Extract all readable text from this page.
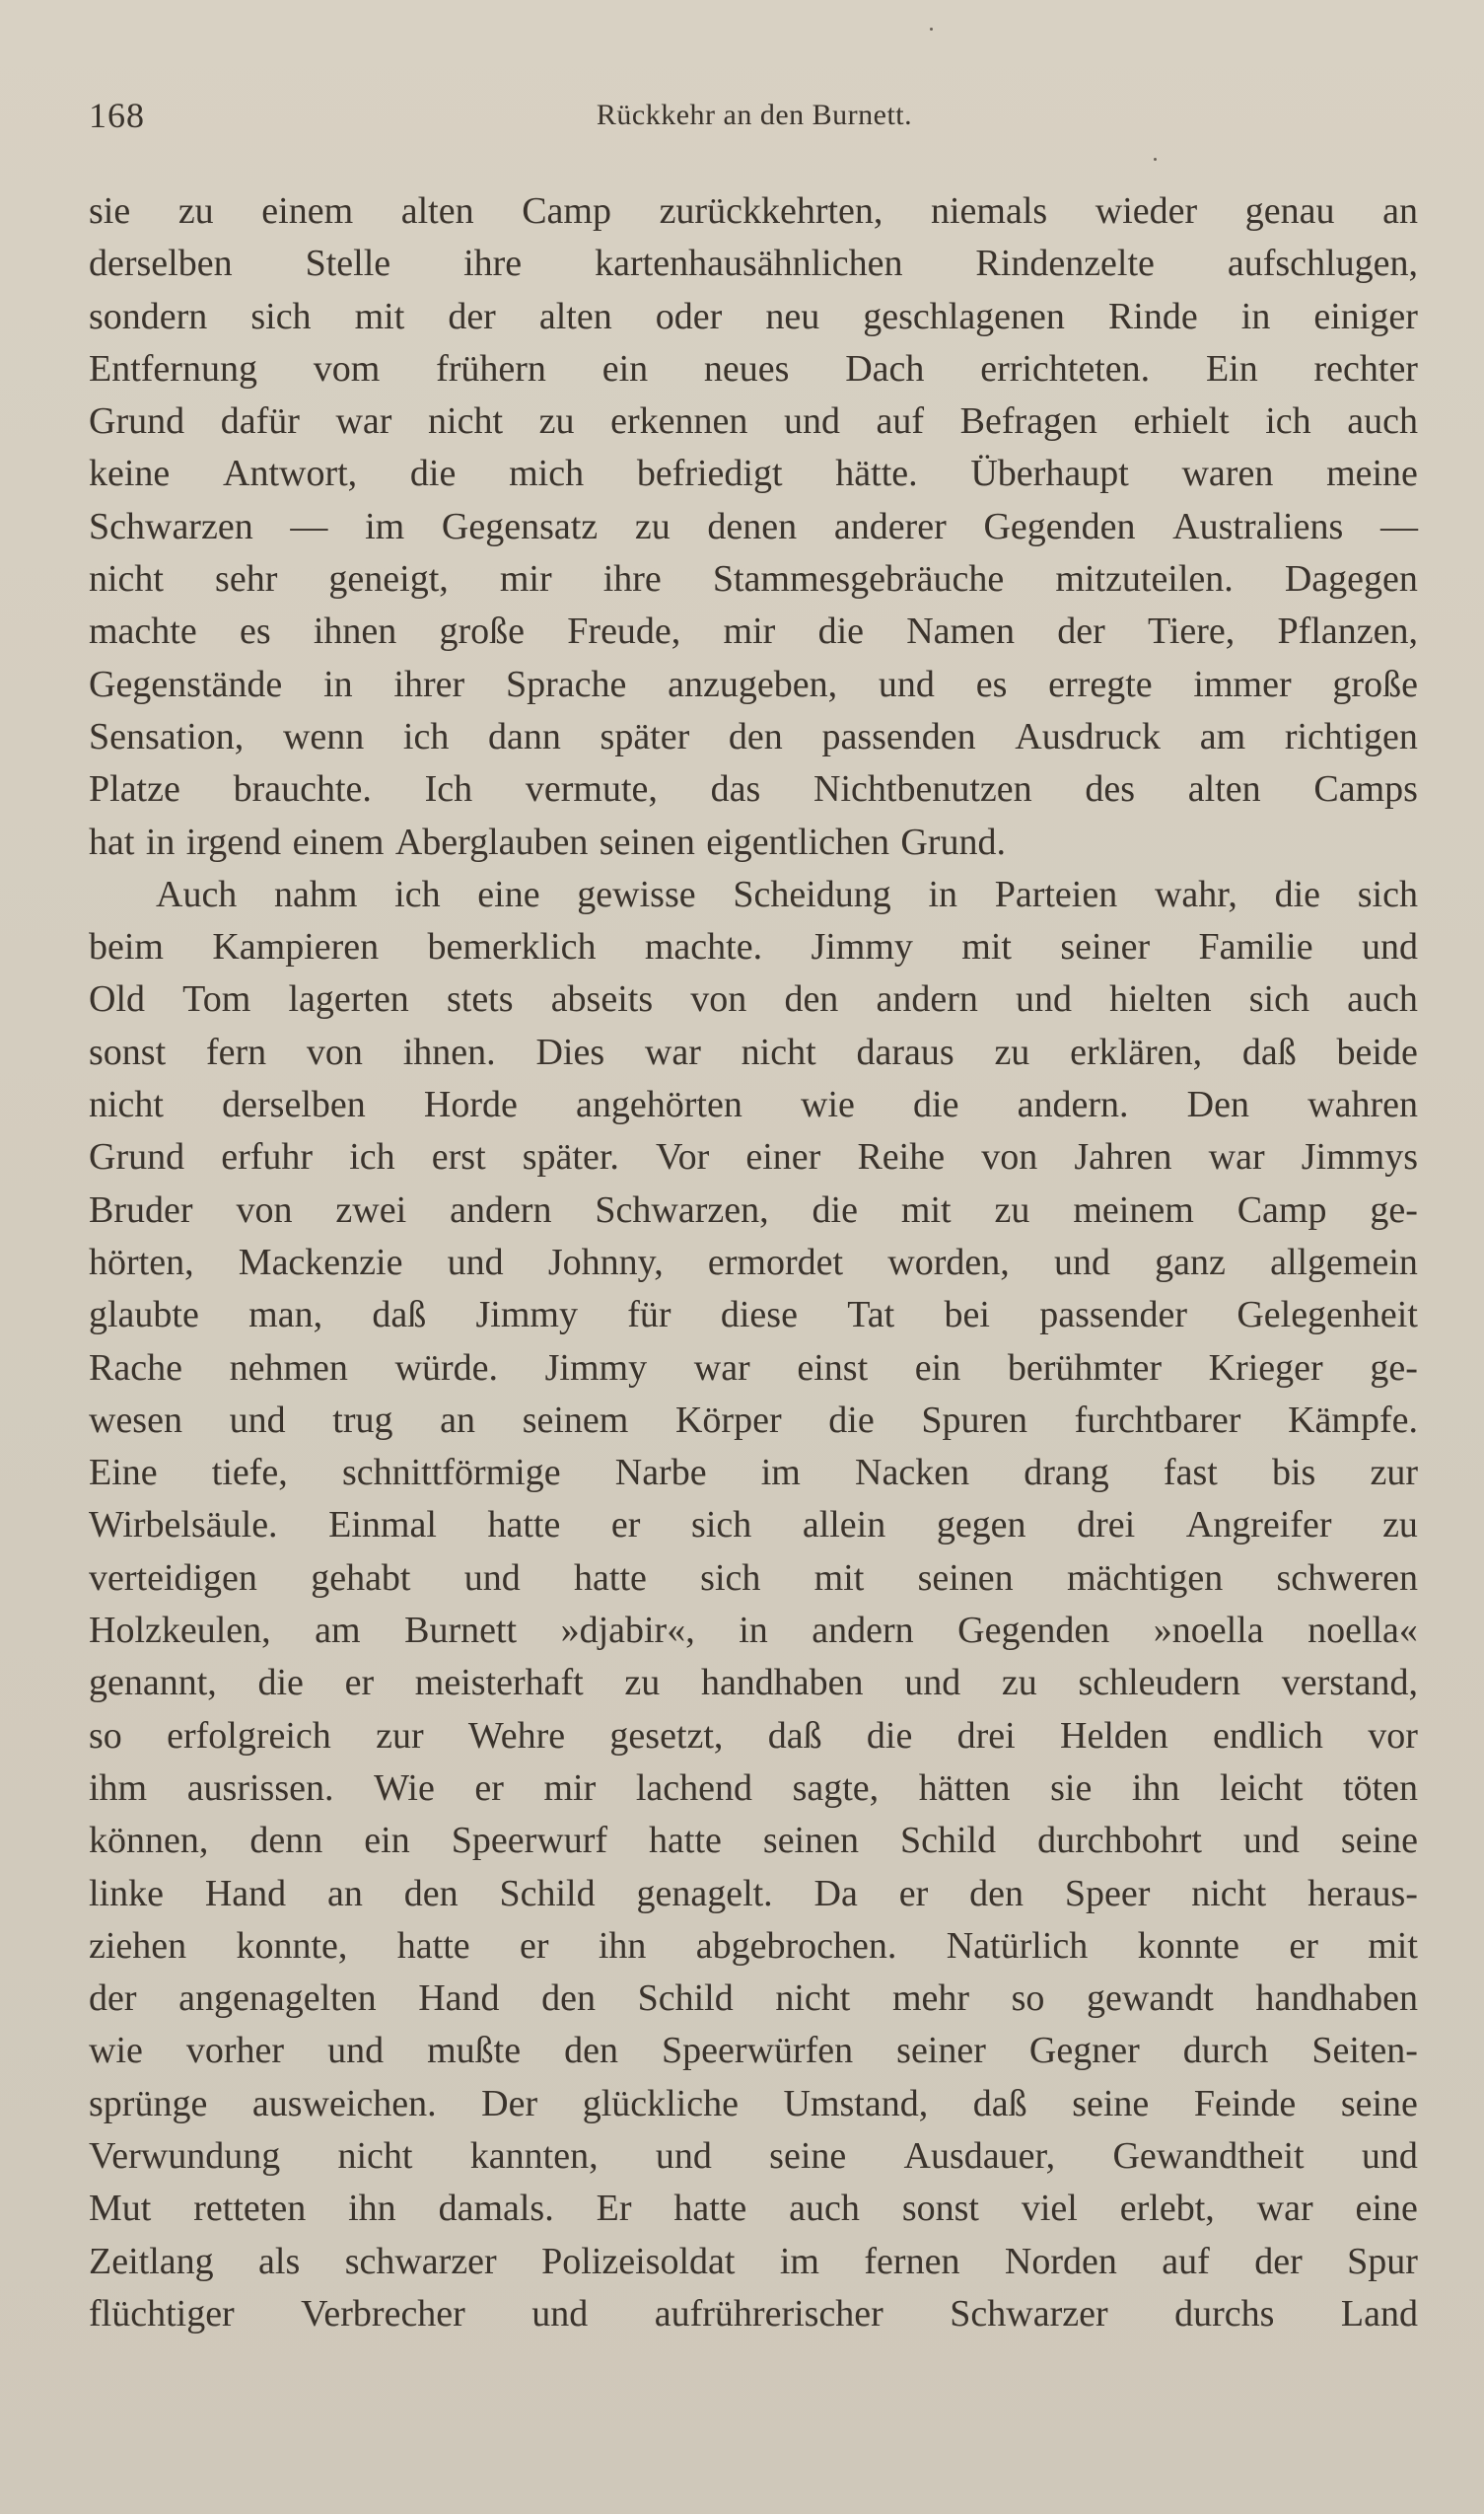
168	Rückkehr an den Burnett.
sie zu einem alten Camp zurückkehrten, niemals wieder genau an
derselben Stelle ihre kartenhausähnlichen Rindenzelte aufschlugen,
sondern sich mit der alten oder neu geschlagenen Rinde in einiger
Entfernung vom frühern ein neues Dach errichteten. Ein rechter
Grund dafür war nicht zu erkennen und auf Befragen erhielt ich auch
keine Antwort, die mich befriedigt hätte. Überhaupt waren meine
Schwarzen — im Gegensatz zu denen anderer Gegenden Australiens —
nicht sehr geneigt, mir ihre Stammesgebräuche mitzuteilen. Dagegen
machte es ihnen große Freude, mir die Namen der Tiere, Pflanzen,
Gegenstände in ihrer Sprache anzugeben, und es erregte immer große
Sensation, wenn ich dann später den passenden Ausdruck am richtigen
Platze brauchte. Ich vermute, das Nichtbenutzen des alten Camps
hat in irgend einem Aberglauben seinen eigentlichen Grund.
Auch nahm ich eine gewisse Scheidung in Parteien wahr, die sich
beim Kampieren bemerklich machte. Jimmy mit seiner Familie und
Old Tom lagerten stets abseits von den andern und hielten sich auch
sonst fern von ihnen. Dies war nicht daraus zu erklären, daß beide
nicht derselben Horde angehörten wie die andern. Den wahren
Grund erfuhr ich erst später. Vor einer Reihe von Jahren war Jimmys
Bruder von zwei andern Schwarzen, die mit zu meinem Camp ge-
hörten, Mackenzie und Johnny, ermordet worden, und ganz allgemein
glaubte man, daß Jimmy für diese Tat bei passender Gelegenheit
Rache nehmen würde. Jimmy war einst ein berühmter Krieger ge-
wesen und trug an seinem Körper die Spuren furchtbarer Kämpfe.
Eine tiefe, schnittförmige Narbe im Nacken drang fast bis zur
Wirbelsäule. Einmal hatte er sich allein gegen drei Angreifer zu
verteidigen gehabt und hatte sich mit seinen mächtigen schweren
Holzkeulen, am Burnett »djabir«, in andern Gegenden »noella noella«
genannt, die er meisterhaft zu handhaben und zu schleudern verstand,
so erfolgreich zur Wehre gesetzt, daß die drei Helden endlich vor
ihm ausrissen. Wie er mir lachend sagte, hätten sie ihn leicht töten
können, denn ein Speerwurf hatte seinen Schild durchbohrt und seine
linke Hand an den Schild genagelt. Da er den Speer nicht heraus-
ziehen konnte, hatte er ihn abgebrochen. Natürlich konnte er mit
der angenagelten Hand den Schild nicht mehr so gewandt handhaben
wie vorher und mußte den Speerwürfen seiner Gegner durch Seiten-
sprünge ausweichen. Der glückliche Umstand, daß seine Feinde seine
Verwundung nicht kannten, und seine Ausdauer, Gewandtheit und
Mut retteten ihn damals. Er hatte auch sonst viel erlebt, war eine
Zeitlang als schwarzer Polizeisoldat im fernen Norden auf der Spur
flüchtiger Verbrecher und aufrührerischer Schwarzer durchs Land
